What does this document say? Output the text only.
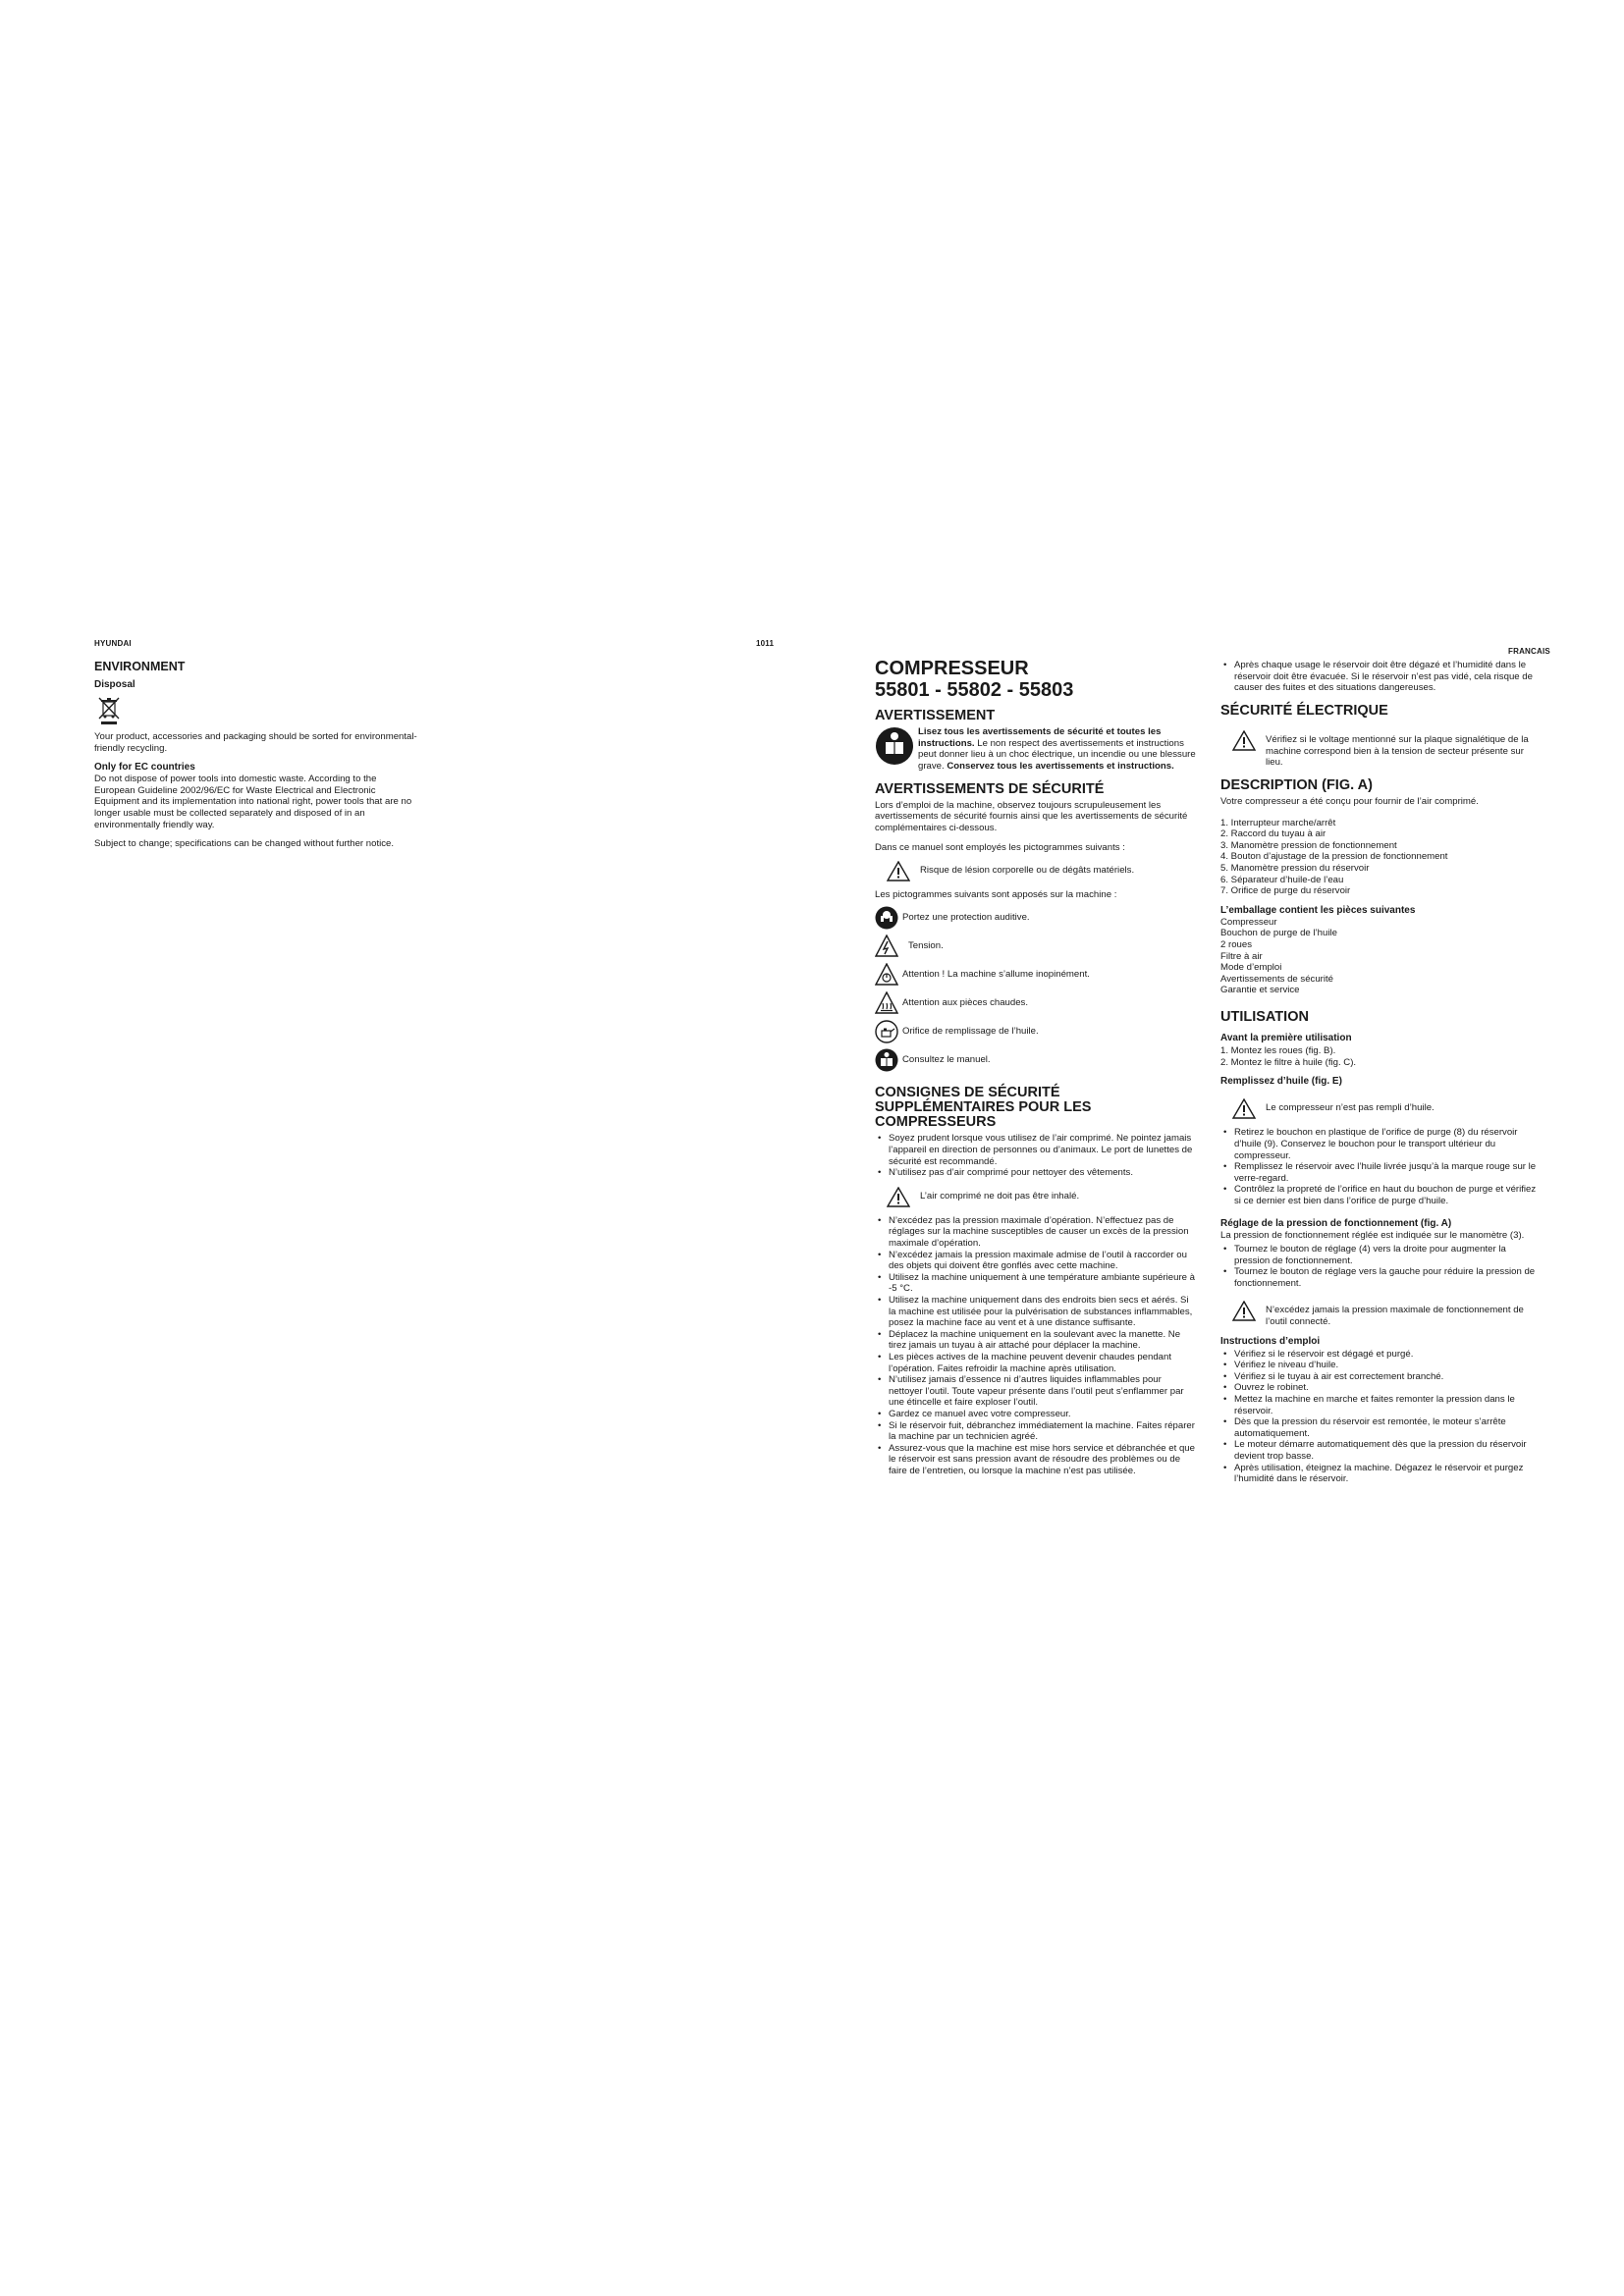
HYUNDAI	1011
ENVIRONMENT
Disposal

Your product, accessories and packaging should be sorted for environmental-friendly recycling.

Only for EC countries

Do not dispose of power tools into domestic waste. According to the European Guideline 2002/96/EC for Waste Electrical and Electronic Equipment and its implementation into national right, power tools that are no longer usable must be collected separately and disposed of in an environmentally friendly way.

Subject to change; specifications can be changed without further notice.

COMPRESSEUR
55801 - 55802 - 55803
AVERTISSEMENT
Lisez tous les avertissements de sécurité et toutes les instructions. Le non respect des avertissements et instructions peut donner lieu à un choc électrique, un incendie ou une blessure grave. Conservez tous les avertissements et instructions.
AVERTISSEMENTS DE SÉCURITÉ

Lors d’emploi de la machine, observez toujours scrupuleusement les avertissements de sécurité fournis ainsi que les avertissements de sécurité complémentaires ci-dessous.

Dans ce manuel sont employés les pictogrammes suivants :

Risque de lésion corporelle ou de dégâts matériels.

Les pictogrammes suivants sont apposés sur la machine :

Portez une protection auditive.
Tension.
Attention ! La machine s’allume inopinément.
Attention aux pièces chaudes.
Orifice de remplissage de l’huile.
Consultez le manuel.
CONSIGNES DE SÉCURITÉ SUPPLÉMENTAIRES POUR LES COMPRESSEURS
• Soyez prudent lorsque vous utilisez de l’air comprimé. Ne pointez jamais l’appareil en direction de personnes ou d’animaux. Le port de lunettes de sécurité est recommandé.
• N’utilisez pas d’air comprimé pour nettoyer des vêtements.
L’air comprimé ne doit pas être inhalé.
• N’excédez pas la pression maximale d’opération. N’effectuez pas de réglages sur la machine susceptibles de causer un excès de la pression maximale d’opération.
• N’excédez jamais la pression maximale admise de l’outil à raccorder ou des objets qui doivent être gonflés avec cette machine.
• Utilisez la machine uniquement à une température ambiante supérieure à -5 °C.
• Utilisez la machine uniquement dans des endroits bien secs et aérés. Si la machine est utilisée pour la pulvérisation de substances inflammables, posez la machine face au vent et à une distance suffisante.
• Déplacez la machine uniquement en la soulevant avec la manette. Ne tirez jamais un tuyau à air attaché pour déplacer la machine.
• Les pièces actives de la machine peuvent devenir chaudes pendant l’opération. Faites refroidir la machine après utilisation.
• N’utilisez jamais d’essence ni d’autres liquides inflammables pour nettoyer l’outil. Toute vapeur présente dans l’outil peut s’enflammer par une étincelle et faire exploser l’outil.
• Gardez ce manuel avec votre compresseur.
• Si le réservoir fuit, débranchez immédiatement la machine. Faites réparer la machine par un technicien agréé.
• Assurez-vous que la machine est mise hors service et débranchée et que le réservoir est sans pression avant de résoudre des problèmes ou de faire de l’entretien, ou lorsque la machine n’est pas utilisée.
FRANCAIS
• Après chaque usage le réservoir doit être dégazé et l’humidité dans le réservoir doit être évacuée. Si le réservoir n’est pas vidé, cela risque de causer des fuites et des situations dangereuses.
SÉCURITÉ ÉLECTRIQUE
Vérifiez si le voltage mentionné sur la plaque signalétique de la machine correspond bien à la tension de secteur présente sur lieu.
DESCRIPTION (FIG. A)

Votre compresseur a été conçu pour fournir de l’air comprimé.

1. Interrupteur marche/arrêt
2. Raccord du tuyau à air
3. Manomètre pression de fonctionnement
4. Bouton d’ajustage de la pression de fonctionnement
5. Manomètre pression du réservoir
6. Séparateur d’huile-de l’eau
7. Orifice de purge du réservoir
L’emballage contient les pièces suivantes
Compresseur
Bouchon de purge de l’huile
2 roues
Filtre à air
Mode d’emploi
Avertissements de sécurité
Garantie et service
UTILISATION
Avant la première utilisation
1. Montez les roues (fig. B).
2. Montez le filtre à huile (fig. C).
Remplissez d’huile (fig. E)
Le compresseur n’est pas rempli d’huile.
• Retirez le bouchon en plastique de l’orifice de purge (8) du réservoir d’huile (9). Conservez le bouchon pour le transport ultérieur du compresseur.
• Remplissez le réservoir avec l’huile livrée jusqu’à la marque rouge sur le verre-regard.
• Contrôlez la propreté de l’orifice en haut du bouchon de purge et vérifiez si ce dernier est bien dans l’orifice de purge d’huile.
Réglage de la pression de fonctionnement (fig. A)

La pression de fonctionnement réglée est indiquée sur le manomètre (3).

• Tournez le bouton de réglage (4) vers la droite pour augmenter la pression de fonctionnement.
• Tournez le bouton de réglage vers la gauche pour réduire la pression de fonctionnement.
N’excédez jamais la pression maximale de fonctionnement de l’outil connecté.
Instructions d’emploi
• Vérifiez si le réservoir est dégagé et purgé.
• Vérifiez le niveau d’huile.
• Vérifiez si le tuyau à air est correctement branché.
• Ouvrez le robinet.
• Mettez la machine en marche et faites remonter la pression dans le réservoir.
• Dès que la pression du réservoir est remontée, le moteur s’arrête automatiquement.
• Le moteur démarre automatiquement dès que la pression du réservoir devient trop basse.
• Après utilisation, éteignez la machine. Dégazez le réservoir et purgez l’humidité dans le réservoir.
